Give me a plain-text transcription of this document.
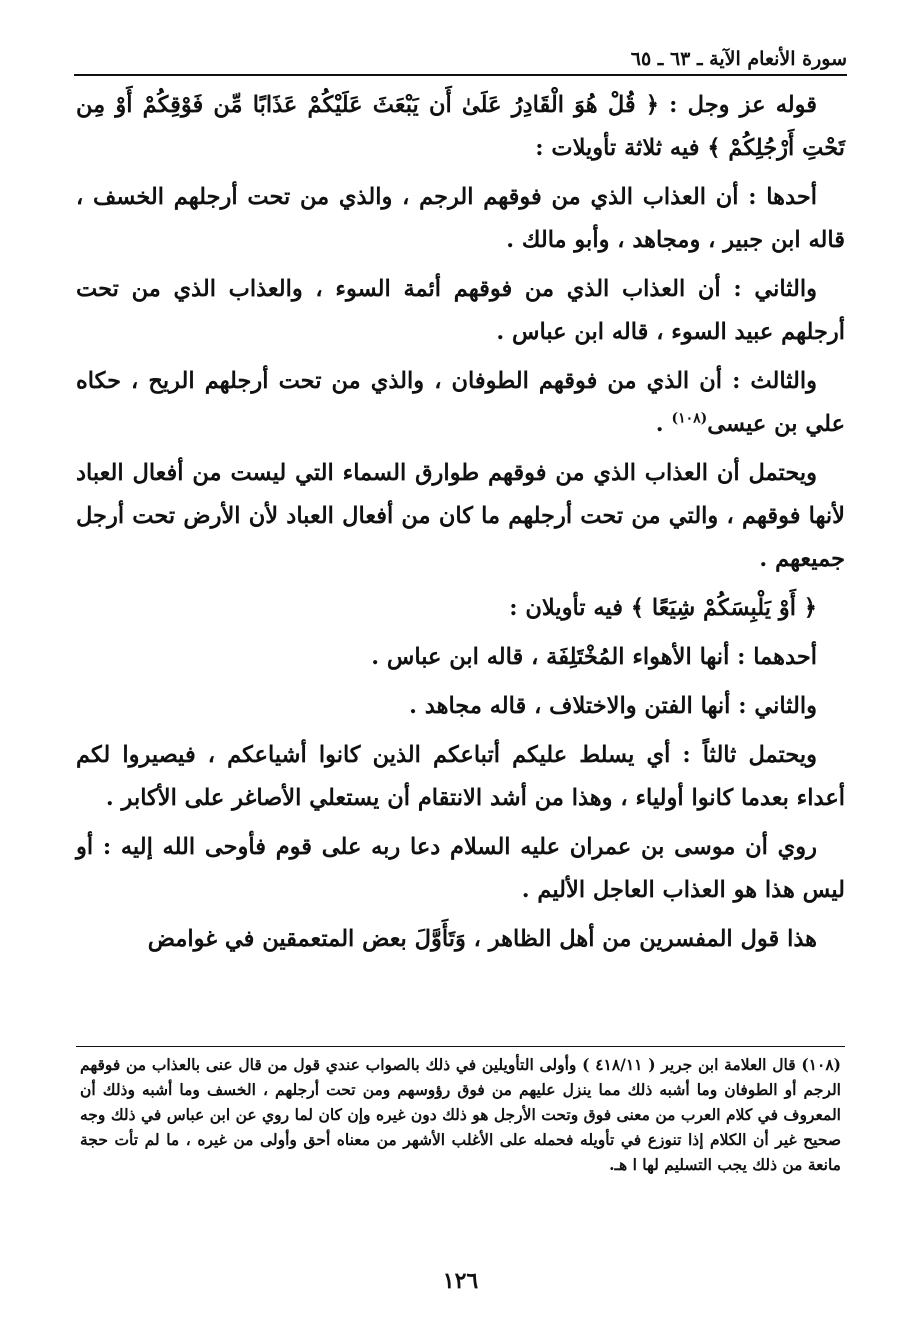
سورة الأنعام الآية ـ ٦٣ ـ ٦٥

قوله عز وجل : ﴿ قُلْ هُوَ الْقَادِرُ عَلَىٰ أَن يَبْعَثَ عَلَيْكُمْ عَذَابًا مِّن فَوْقِكُمْ أَوْ مِن تَحْتِ أَرْجُلِكُمْ ﴾ فيه ثلاثة تأويلات :

أحدها : أن العذاب الذي من فوقهم الرجم ، والذي من تحت أرجلهم الخسف ، قاله ابن جبير ، ومجاهد ، وأبو مالك .

والثاني : أن العذاب الذي من فوقهم أئمة السوء ، والعذاب الذي من تحت أرجلهم عبيد السوء ، قاله ابن عباس .

والثالث : أن الذي من فوقهم الطوفان ، والذي من تحت أرجلهم الريح ، حكاه علي بن عيسى$^{(١٠٨)}$ .

ويحتمل أن العذاب الذي من فوقهم طوارق السماء التي ليست من أفعال العباد لأنها فوقهم ، والتي من تحت أرجلهم ما كان من أفعال العباد لأن الأرض تحت أرجل جميعهم .

﴿ أَوْ يَلْبِسَكُمْ شِيَعًا ﴾ فيه تأويلان :

أحدهما : أنها الأهواء المُخْتَلِفَة ، قاله ابن عباس .

والثاني : أنها الفتن والاختلاف ، قاله مجاهد .

ويحتمل ثالثاً : أي يسلط عليكم أتباعكم الذين كانوا أشياعكم ، فيصيروا لكم أعداء بعدما كانوا أولياء ، وهذا من أشد الانتقام أن يستعلي الأصاغر على الأكابر .

روي أن موسى بن عمران عليه السلام دعا ربه على قوم فأوحى الله إليه : أو ليس هذا هو العذاب العاجل الأليم .

هذا قول المفسرين من أهل الظاهر ، وَتَأَوَّلَ بعض المتعمقين في غوامض

(١٠٨) قال العلامة ابن جرير ( ٤١٨/١١ ) وأولى التأويلين في ذلك بالصواب عندي قول من قال عنى بالعذاب من فوقهم الرجم أو الطوفان وما أشبه ذلك مما ينزل عليهم من فوق رؤوسهم ومن تحت أرجلهم ، الخسف وما أشبه وذلك أن المعروف في كلام العرب من معنى فوق وتحت الأرجل هو ذلك دون غيره وإن كان لما روي عن ابن عباس في ذلك وجه صحيح غير أن الكلام إذا تنوزع في تأويله فحمله على الأغلب الأشهر من معناه أحق وأولى من غيره ، ما لم تأت حجة مانعة من ذلك يجب التسليم لها ا هـ.

١٢٦
